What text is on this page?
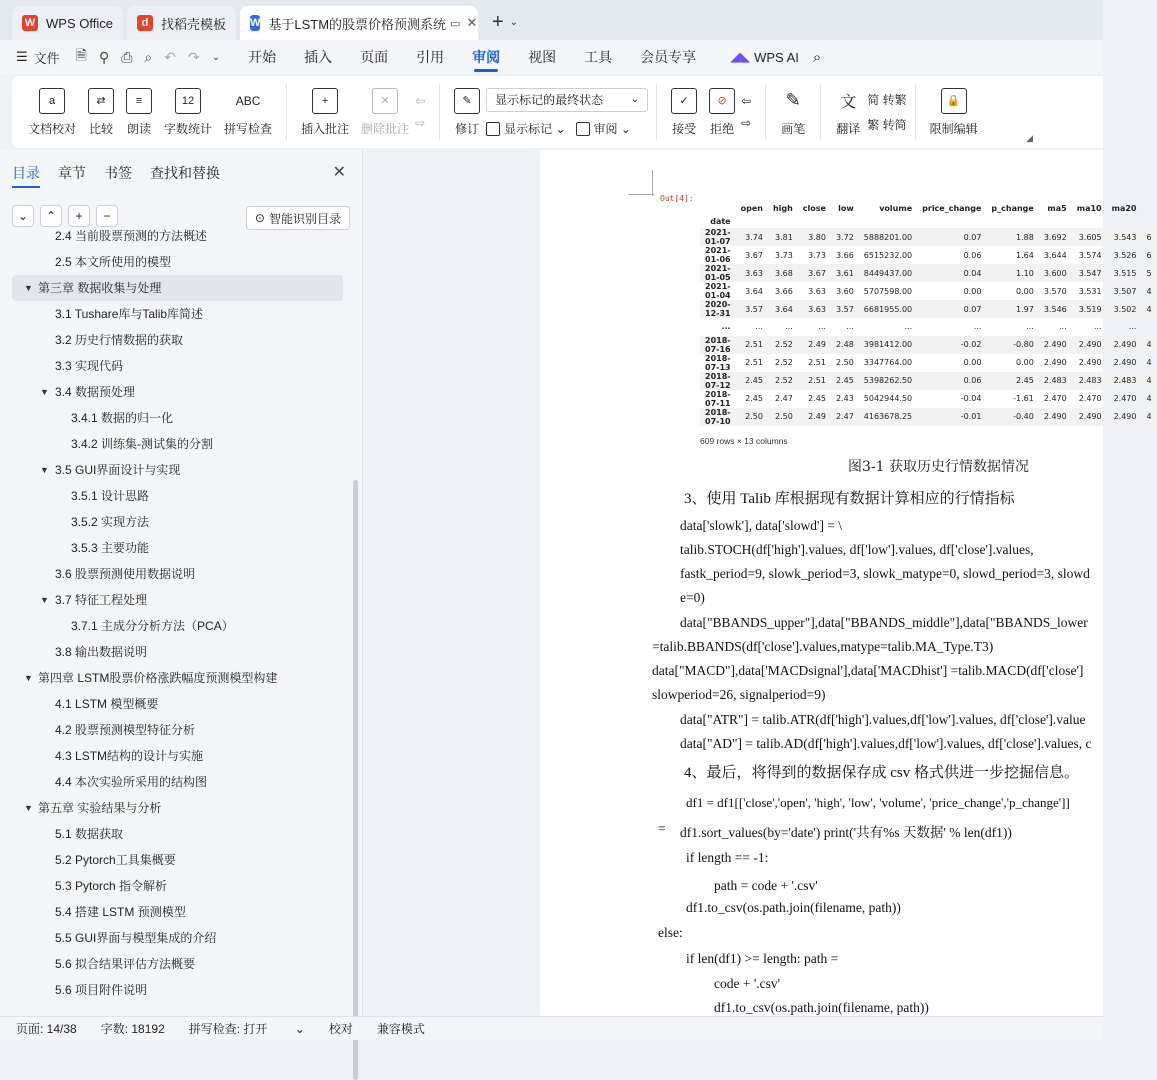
W WPS Office	d 找稻壳模板 W 基于LSTM的股票价格预测系统 ▭ ✕ + ⌄
☰ 文件 🗎 ⚲ ⎙ ⌕ ↶ ↷ ⌄ 开始 插入 页面 引用 审阅 视图 工具 会员专享	◢◣ WPS AI ⌕
a
文档校对
⇄
比较
≡
朗读
12
字数统计
ABC
拼写检查
+
插入批注
✕
删除批注
⇦
⇨
✎
修订
显示标记的最终状态	⌄
显示标记 ⌄	审阅 ⌄
✓
接受
⊘
拒绝
⇦
⇨
✎
画笔
文
翻译
简 转繁
繁 转简
🔒
限制编辑
◢
目录 章节 书签 查找和替换	✕
⌄	⌃	+	−	⊙ 智能识别目录
2.4 当前股票预测的方法概述
2.5 本文所使用的模型
▼ 第三章 数据收集与处理
3.1 Tushare库与Talib库简述
3.2 历史行情数据的获取
3.3 实现代码
▼ 3.4 数据预处理
3.4.1 数据的归一化
3.4.2 训练集-测试集的分割
▼ 3.5 GUI界面设计与实现
3.5.1 设计思路
3.5.2 实现方法
3.5.3 主要功能
3.6 股票预测使用数据说明
▼ 3.7 特征工程处理
3.7.1 主成分分析方法（PCA）
3.8 输出数据说明
▼ 第四章 LSTM股票价格涨跌幅度预测模型构建
4.1 LSTM 模型概要
4.2 股票预测模型特征分析
4.3 LSTM结构的设计与实施
4.4 本次实验所采用的结构图
▼ 第五章 实验结果与分析
5.1 数据获取
5.2 Pytorch工具集概要
5.3 Pytorch 指令解析
5.4 搭建 LSTM 预测模型
5.5 GUI界面与模型集成的介绍
5.6 拟合结果评估方法概要
5.6 项目附件说明
Out[4]:
	open	high	close	low	volume	price_change	p_change	ma5	ma10	ma20	
date											
2021-01-07	3.74	3.81	3.80	3.72	5888201.00	0.07	1.88	3.692	3.605	3.543	6
2021-01-06	3.67	3.73	3.73	3.66	6515232.00	0.06	1.64	3.644	3.574	3.526	6
2021-01-05	3.63	3.68	3.67	3.61	8449437.00	0.04	1.10	3.600	3.547	3.515	5
2021-01-04	3.64	3.66	3.63	3.60	5707598.00	0.00	0.00	3.570	3.531	3.507	4
2020-12-31	3.57	3.64	3.63	3.57	6681955.00	0.07	1.97	3.546	3.519	3.502	4
...	...	...	...	...	...	...	...	...	...	...	
2018-07-16	2.51	2.52	2.49	2.48	3981412.00	-0.02	-0.80	2.490	2.490	2.490	4
2018-07-13	2.51	2.52	2.51	2.50	3347764.00	0.00	0.00	2.490	2.490	2.490	4
2018-07-12	2.45	2.52	2.51	2.45	5398262.50	0.06	2.45	2.483	2.483	2.483	4
2018-07-11	2.45	2.47	2.45	2.43	5042944.50	-0.04	-1.61	2.470	2.470	2.470	4
2018-07-10	2.50	2.50	2.49	2.47	4163678.25	-0.01	-0.40	2.490	2.490	2.490	4
609 rows × 13 columns
图3-1 获取历史行情数据情况
3、使用 Talib 库根据现有数据计算相应的行情指标
data['slowk'], data['slowd'] = \
talib.STOCH(df['high'].values, df['low'].values, df['close'].values,
fastk_period=9, slowk_period=3, slowk_matype=0, slowd_period=3, slowd
e=0)
data["BBANDS_upper"],data["BBANDS_middle"],data["BBANDS_lower
=talib.BBANDS(df['close'].values,matype=talib.MA_Type.T3)
data["MACD"],data['MACDsignal'],data['MACDhist'] =talib.MACD(df['close']
slowperiod=26, signalperiod=9)
data["ATR"] = talib.ATR(df['high'].values,df['low'].values, df['close'].value
data["AD"] = talib.AD(df['high'].values,df['low'].values, df['close'].values, c
4、最后，将得到的数据保存成 csv 格式供进一步挖掘信息。
df1 = df1[['close','open', 'high', 'low', 'volume', 'price_change','p_change']]
= df1.sort_values(by='date') print('共有%s 天数据' % len(df1))
if length == -1:
path = code + '.csv'
df1.to_csv(os.path.join(filename, path))
else:
if len(df1) >= length: path =
code + '.csv'
df1.to_csv(os.path.join(filename, path))
页面: 14/38 字数: 18192 拼写检查: 打开 ⌄ 校对 兼容模式
